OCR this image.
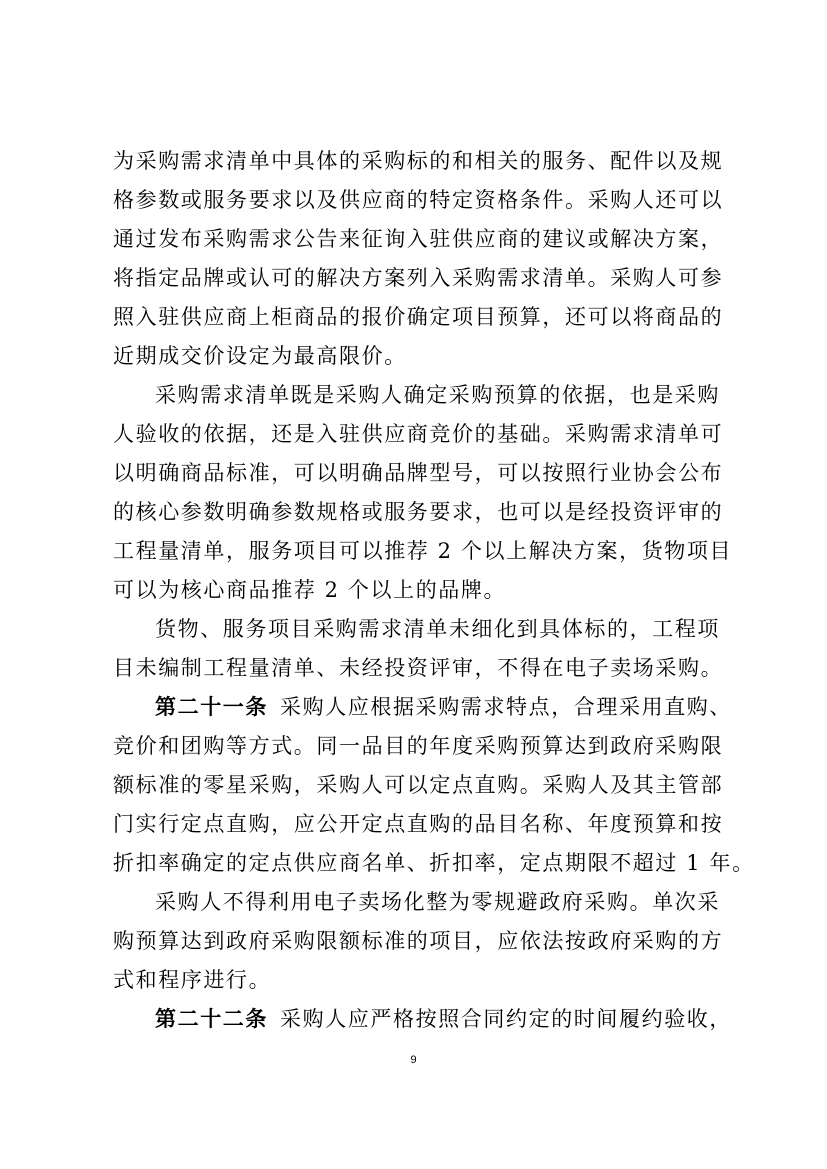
为采购需求清单中具体的采购标的和相关的服务、配件以及规
格参数或服务要求以及供应商的特定资格条件。采购人还可以
通过发布采购需求公告来征询入驻供应商的建议或解决方案，
将指定品牌或认可的解决方案列入采购需求清单。采购人可参
照入驻供应商上柜商品的报价确定项目预算，还可以将商品的
近期成交价设定为最高限价。
采购需求清单既是采购人确定采购预算的依据，也是采购
人验收的依据，还是入驻供应商竞价的基础。采购需求清单可
以明确商品标准，可以明确品牌型号，可以按照行业协会公布
的核心参数明确参数规格或服务要求，也可以是经投资评审的
工程量清单，服务项目可以推荐 2 个以上解决方案，货物项目
可以为核心商品推荐 2 个以上的品牌。
货物、服务项目采购需求清单未细化到具体标的，工程项
目未编制工程量清单、未经投资评审，不得在电子卖场采购。
第二十一条 采购人应根据采购需求特点，合理采用直购、
竞价和团购等方式。同一品目的年度采购预算达到政府采购限
额标准的零星采购，采购人可以定点直购。采购人及其主管部
门实行定点直购，应公开定点直购的品目名称、年度预算和按
折扣率确定的定点供应商名单、折扣率，定点期限不超过 1 年。
采购人不得利用电子卖场化整为零规避政府采购。单次采
购预算达到政府采购限额标准的项目，应依法按政府采购的方
式和程序进行。
第二十二条 采购人应严格按照合同约定的时间履约验收，
9
